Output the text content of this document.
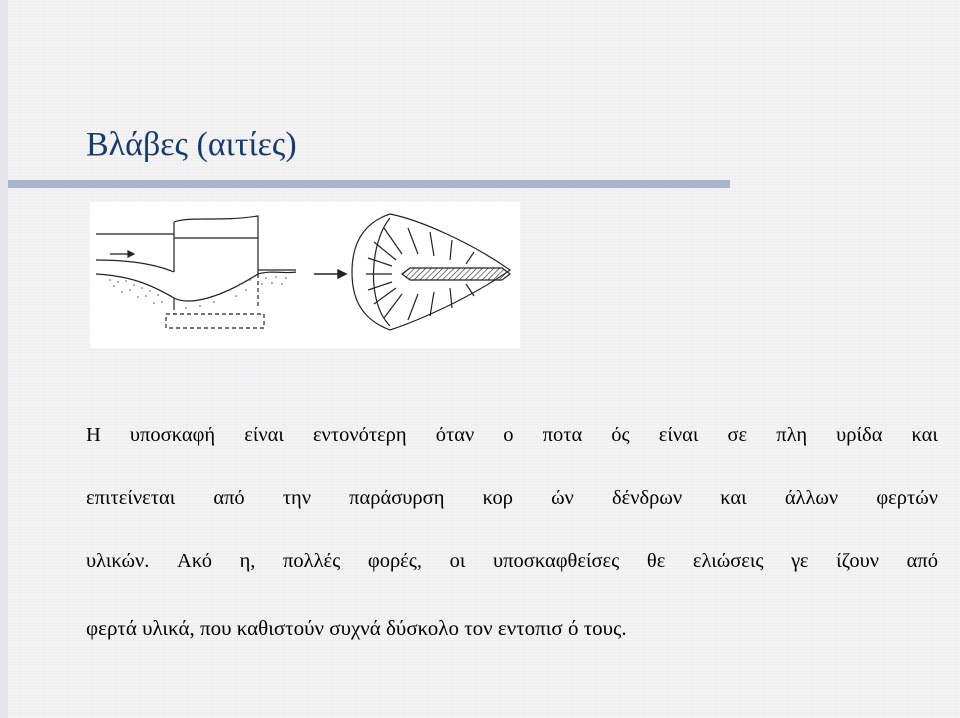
Βλάβες (αιτίες)
Η υποσκαφή είναι εντονότερη όταν ο ποτα ός είναι σε πλη υρίδα και
επιτείνεται από την παράσυρση κορ ών δένδρων και άλλων φερτών
υλικών. Ακό η, πολλές φορές, οι υποσκαφθείσες θε ελιώσεις γε ίζουν από
φερτά υλικά, που καθιστούν συχνά δύσκολο τον εντοπισ ό τους.
